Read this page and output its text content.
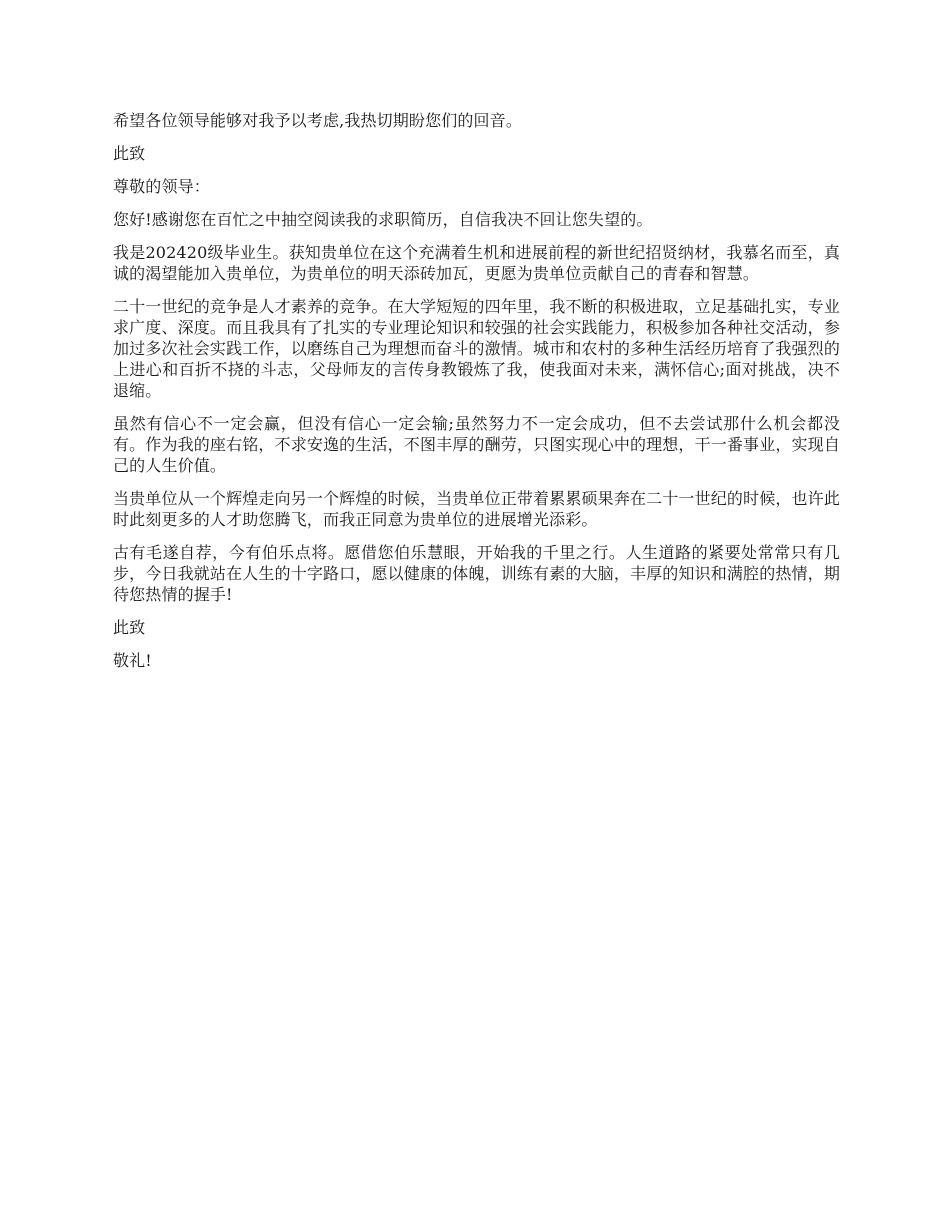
希望各位领导能够对我予以考虑,我热切期盼您们的回音。

此致

尊敬的领导：

您好!感谢您在百忙之中抽空阅读我的求职简历，自信我决不回让您失望的。

我是202420级毕业生。获知贵单位在这个充满着生机和进展前程的新世纪招贤纳材，我慕名而至，真诚的渴望能加入贵单位，为贵单位的明天添砖加瓦，更愿为贵单位贡献自己的青春和智慧。

二十一世纪的竞争是人才素养的竞争。在大学短短的四年里，我不断的积极进取，立足基础扎实，专业求广度、深度。而且我具有了扎实的专业理论知识和较强的社会实践能力，积极参加各种社交活动，参加过多次社会实践工作，以磨练自己为理想而奋斗的激情。城市和农村的多种生活经历培育了我强烈的上进心和百折不挠的斗志，父母师友的言传身教锻炼了我，使我面对未来，满怀信心;面对挑战，决不退缩。

虽然有信心不一定会赢，但没有信心一定会输;虽然努力不一定会成功，但不去尝试那什么机会都没有。作为我的座右铭，不求安逸的生活，不图丰厚的酬劳，只图实现心中的理想，干一番事业，实现自己的人生价值。

当贵单位从一个辉煌走向另一个辉煌的时候，当贵单位正带着累累硕果奔在二十一世纪的时候，也许此时此刻更多的人才助您腾飞，而我正同意为贵单位的进展增光添彩。

古有毛遂自荐，今有伯乐点将。愿借您伯乐慧眼，开始我的千里之行。人生道路的紧要处常常只有几步，今日我就站在人生的十字路口，愿以健康的体魄，训练有素的大脑，丰厚的知识和满腔的热情，期待您热情的握手!

此致

敬礼!
